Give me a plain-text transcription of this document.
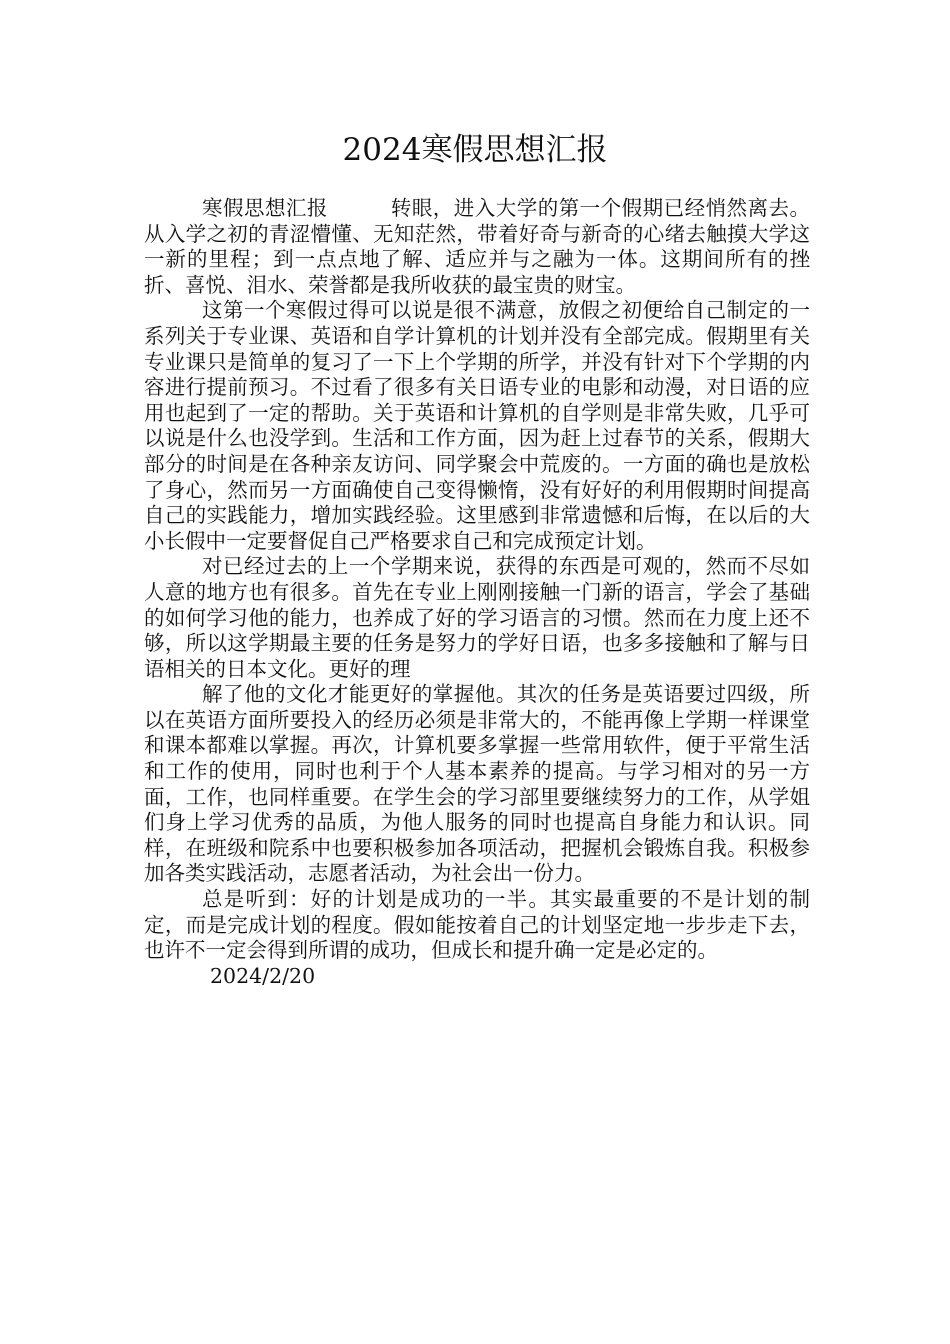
2024寒假思想汇报

寒假思想汇报　　　转眼，进入大学的第一个假期已经悄然离去。从入学之初的青涩懵懂、无知茫然，带着好奇与新奇的心绪去触摸大学这一新的里程；到一点点地了解、适应并与之融为一体。这期间所有的挫折、喜悦、泪水、荣誉都是我所收获的最宝贵的财宝。

这第一个寒假过得可以说是很不满意，放假之初便给自己制定的一系列关于专业课、英语和自学计算机的计划并没有全部完成。假期里有关专业课只是简单的复习了一下上个学期的所学，并没有针对下个学期的内容进行提前预习。不过看了很多有关日语专业的电影和动漫，对日语的应用也起到了一定的帮助。关于英语和计算机的自学则是非常失败，几乎可以说是什么也没学到。生活和工作方面，因为赶上过春节的关系，假期大部分的时间是在各种亲友访问、同学聚会中荒废的。一方面的确也是放松了身心，然而另一方面确使自己变得懒惰，没有好好的利用假期时间提高自己的实践能力，增加实践经验。这里感到非常遗憾和后悔，在以后的大小长假中一定要督促自己严格要求自己和完成预定计划。

对已经过去的上一个学期来说，获得的东西是可观的，然而不尽如人意的地方也有很多。首先在专业上刚刚接触一门新的语言，学会了基础的如何学习他的能力，也养成了好的学习语言的习惯。然而在力度上还不够，所以这学期最主要的任务是努力的学好日语，也多多接触和了解与日语相关的日本文化。更好的理

解了他的文化才能更好的掌握他。其次的任务是英语要过四级，所以在英语方面所要投入的经历必须是非常大的，不能再像上学期一样课堂和课本都难以掌握。再次，计算机要多掌握一些常用软件，便于平常生活和工作的使用，同时也利于个人基本素养的提高。与学习相对的另一方面，工作，也同样重要。在学生会的学习部里要继续努力的工作，从学姐们身上学习优秀的品质，为他人服务的同时也提高自身能力和认识。同样，在班级和院系中也要积极参加各项活动，把握机会锻炼自我。积极参加各类实践活动，志愿者活动，为社会出一份力。

总是听到：好的计划是成功的一半。其实最重要的不是计划的制定，而是完成计划的程度。假如能按着自己的计划坚定地一步步走下去，也许不一定会得到所谓的成功，但成长和提升确一定是必定的。

2024/2/20
